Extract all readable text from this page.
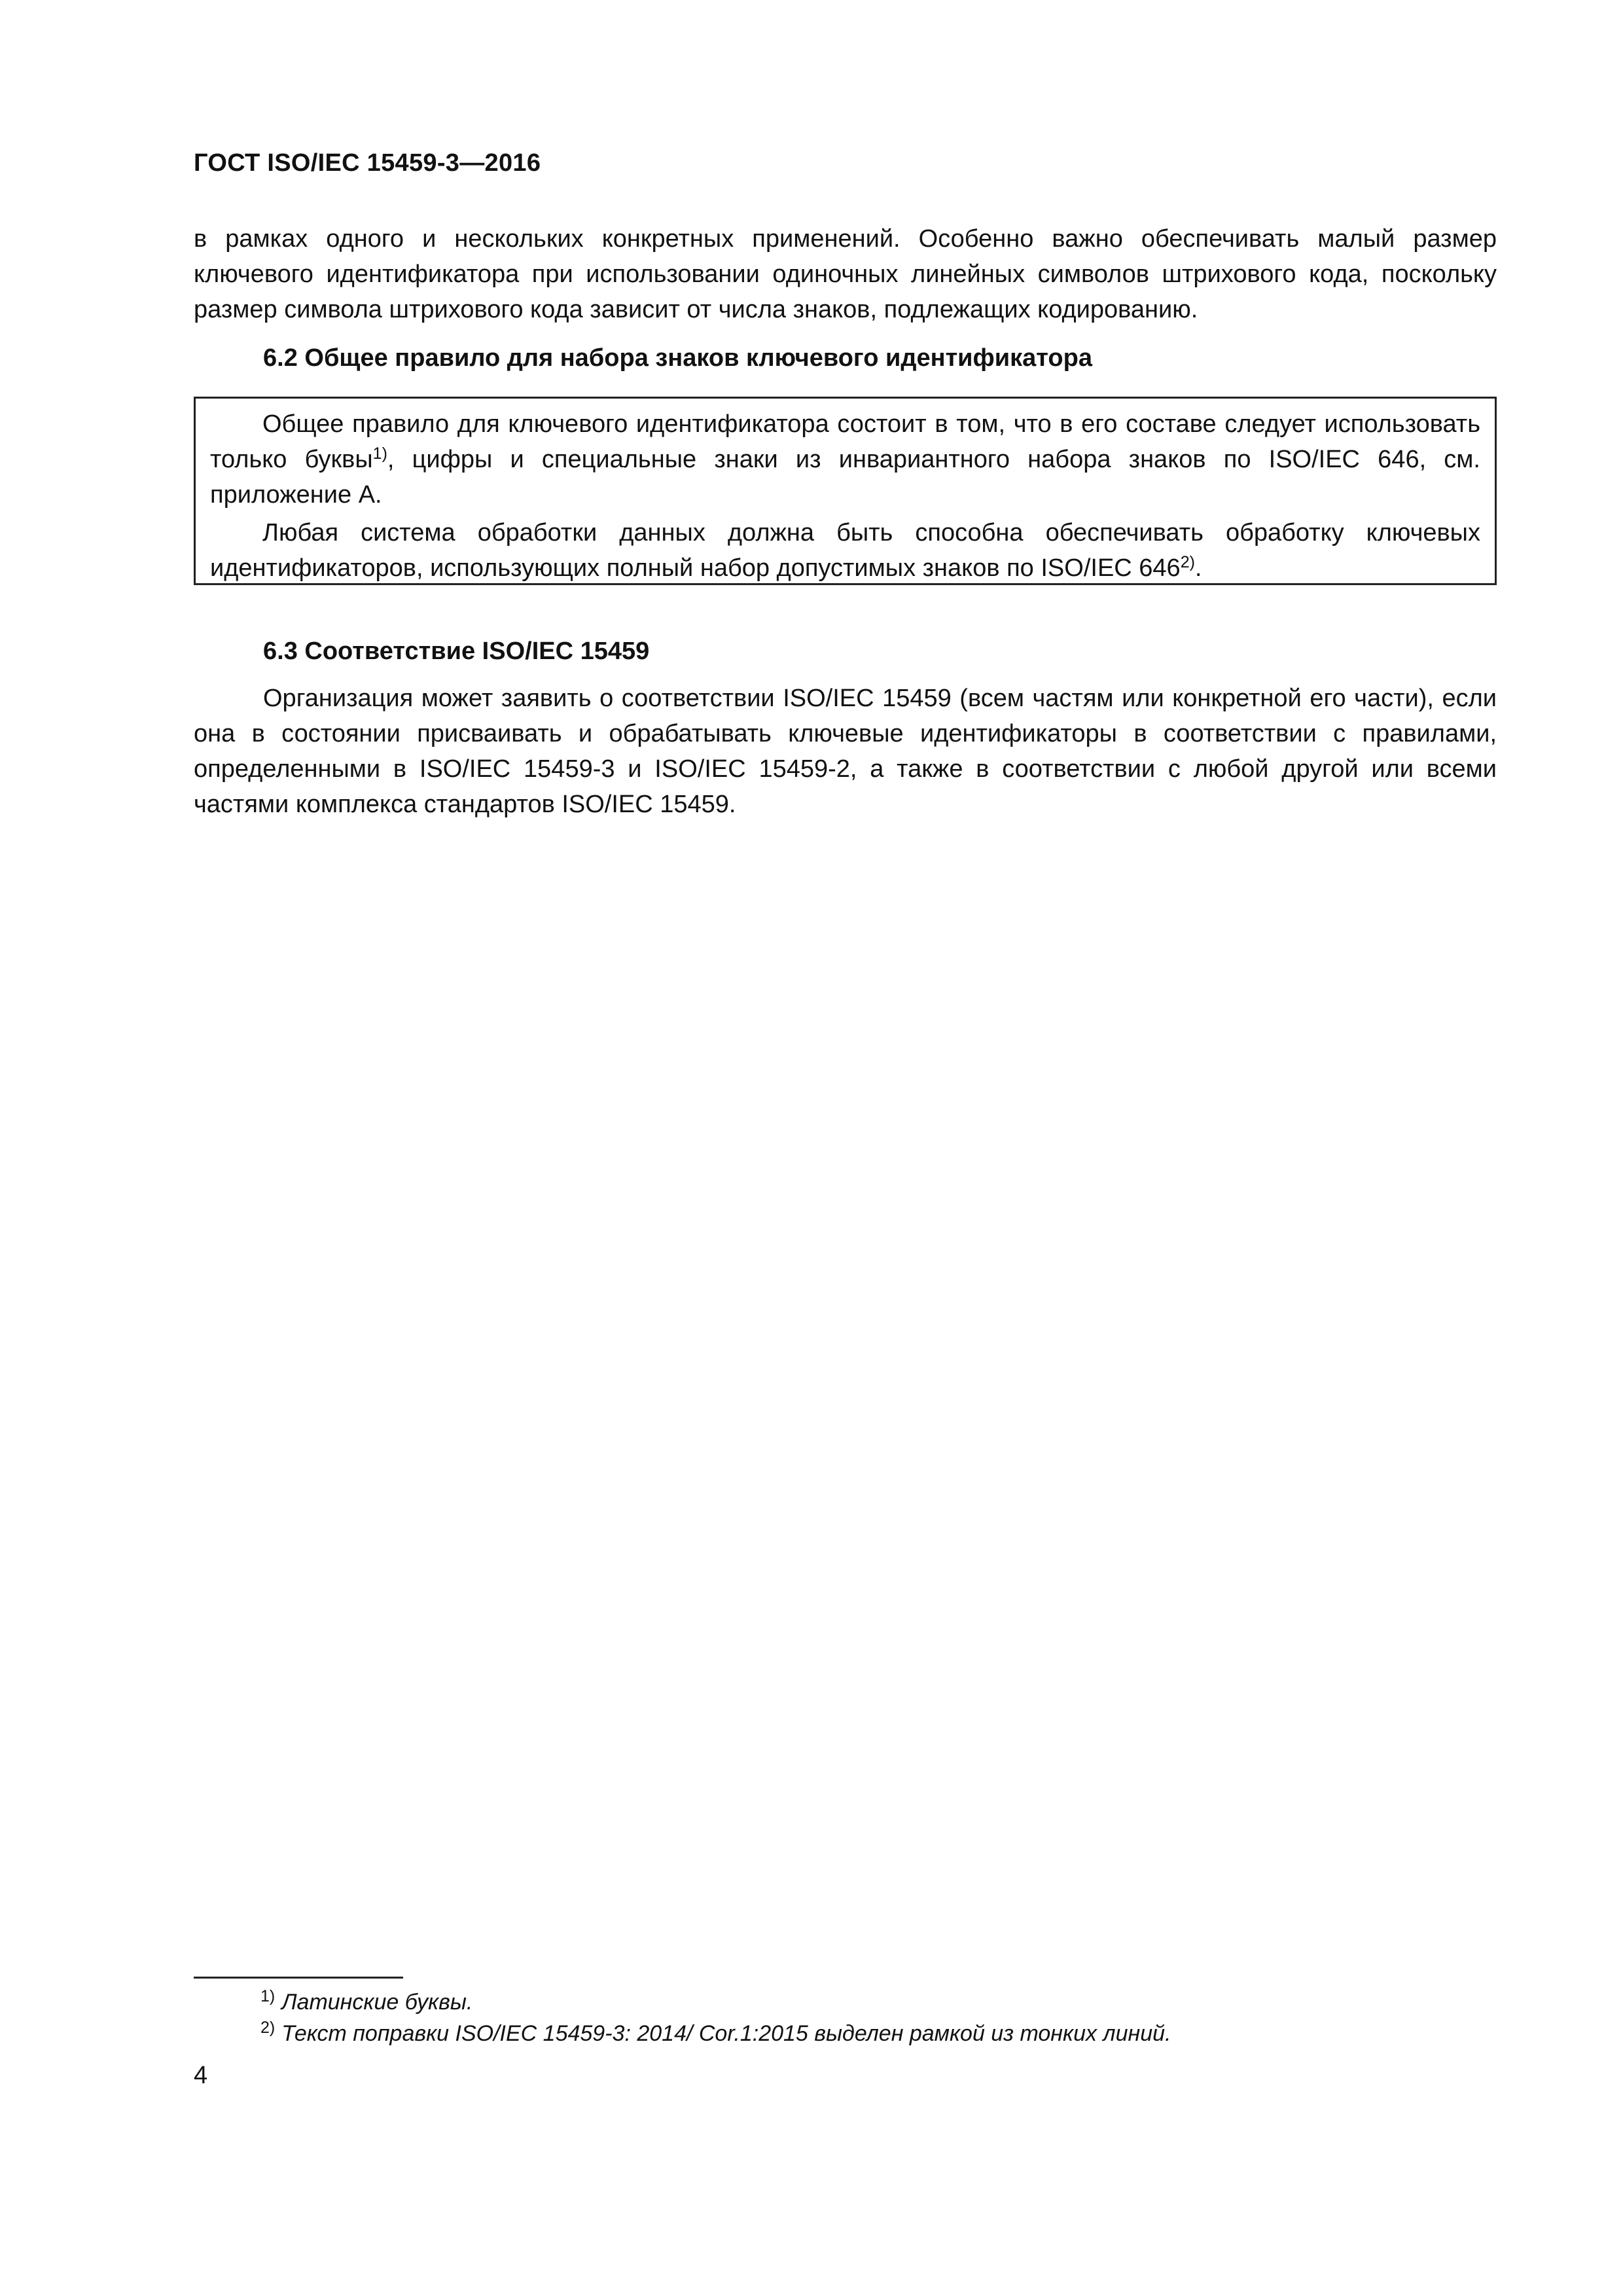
ГОСТ ISO/IEC 15459-3—2016

в рамках одного и нескольких конкретных применений. Особенно важно обеспечивать малый размер ключевого идентификатора при использовании одиночных линейных символов штрихового кода, поскольку размер символа штрихового кода зависит от числа знаков, подлежащих кодированию.

6.2 Общее правило для набора знаков ключевого идентификатора

Общее правило для ключевого идентификатора состоит в том, что в его составе следует использовать только буквы$^{1)}$, цифры и специальные знаки из инвариантного набора знаков по ISO/IEC 646, см. приложение А.

Любая система обработки данных должна быть способна обеспечивать обработку ключевых идентификаторов, использующих полный набор допустимых знаков по ISO/IEC 646$^{2)}$.

6.3 Соответствие ISO/IEC 15459

Организация может заявить о соответствии ISO/IEC 15459 (всем частям или конкретной его части), если она в состоянии присваивать и обрабатывать ключевые идентификаторы в соответствии с правилами, определенными в ISO/IEC 15459-3 и ISO/IEC 15459-2, а также в соответствии с любой другой или всеми частями комплекса стандартов ISO/IEC 15459.

$^{1)}$ Латинские буквы.
$^{2)}$ Текст поправки ISO/IEC 15459-3: 2014/ Cor.1:2015 выделен рамкой из тонких линий.
4
